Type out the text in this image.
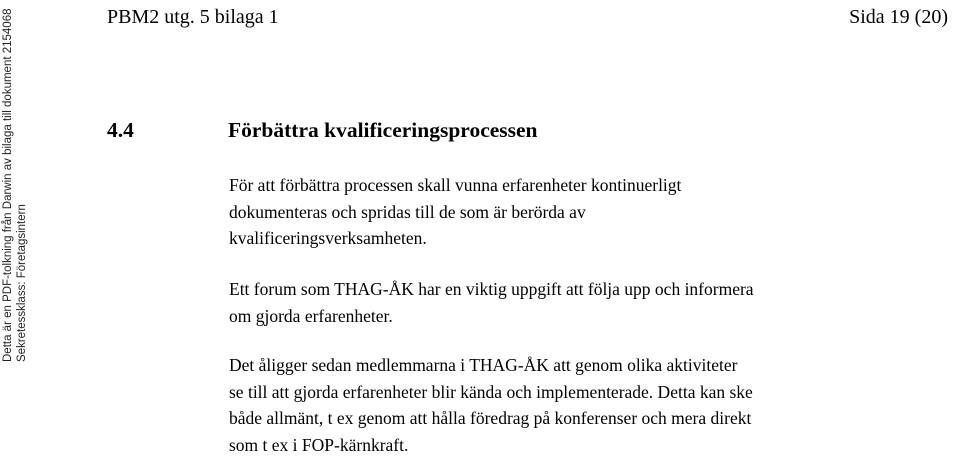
Detta är en PDF-tolkning från Darwin av bilaga till dokument 2154068 Sekretessklass: Företagsintern
PBM2 utg. 5 bilaga 1	Sida 19 (20)
4.4	Förbättra kvalificeringsprocessen
För att förbättra processen skall vunna erfarenheter kontinuerligt
dokumenteras och spridas till de som är berörda av
kvalificeringsverksamheten.
Ett forum som THAG-ÅK har en viktig uppgift att följa upp och informera
om gjorda erfarenheter.
Det åligger sedan medlemmarna i THAG-ÅK att genom olika aktiviteter
se till att gjorda erfarenheter blir kända och implementerade. Detta kan ske
både allmänt, t ex genom att hålla föredrag på konferenser och mera direkt
som t ex i FOP-kärnkraft.
